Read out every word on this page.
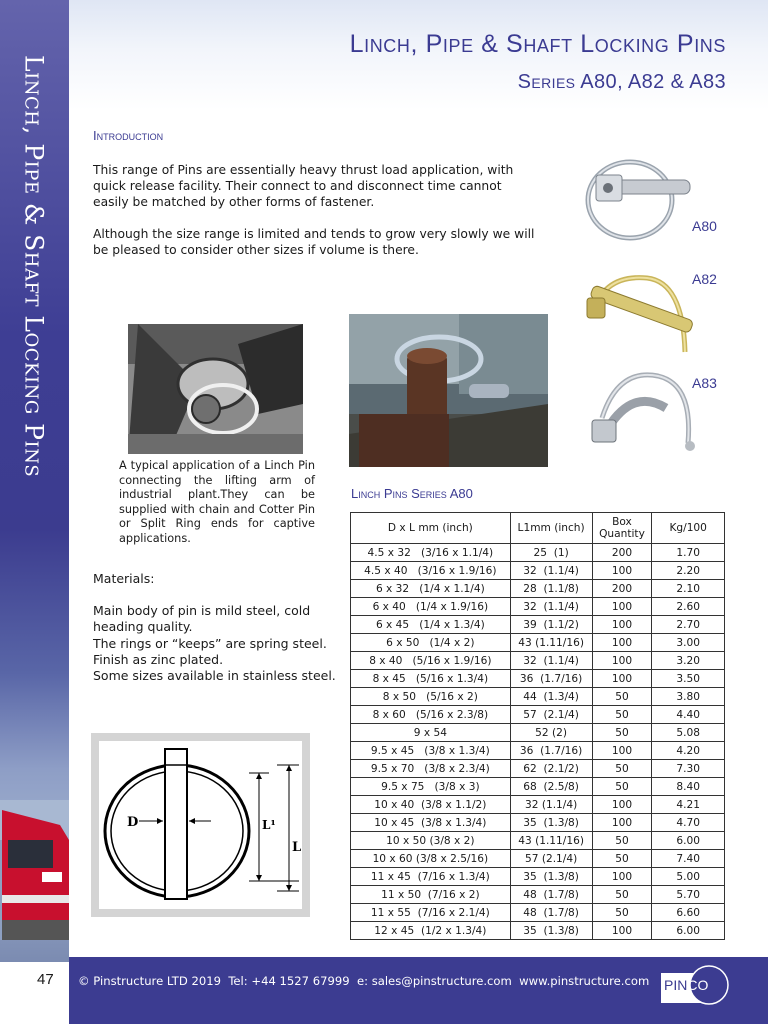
Linch, Pipe & Shaft Locking Pins
Linch, Pipe & Shaft Locking Pins
Series A80, A82 & A83
Introduction
This range of Pins are essentially heavy thrust load application, with quick release facility. Their connect to and disconnect time cannot easily be matched by other forms of fastener.
Although the size range is limited and tends to grow very slowly we will be pleased to consider other sizes if volume is there.
A80
A82
A83
A typical application of a Linch Pin connecting the lifting arm of industrial plant.They can be supplied with chain and Cotter Pin or Split Ring ends for captive applications.
Materials:
Main body of pin is mild steel, cold heading quality.
The rings or “keeps” are spring steel.
Finish as zinc plated.
Some sizes available in stainless steel.
D	L¹
L
Linch Pins Series A80
D x L mm (inch)	L1mm (inch)	Box Quantity	Kg/100
4.5 x 32   (3/16 x 1.1/4)	25  (1)	200	1.70
4.5 x 40   (3/16 x 1.9/16)	32  (1.1/4)	100	2.20
6 x 32   (1/4 x 1.1/4)	28  (1.1/8)	200	2.10
6 x 40   (1/4 x 1.9/16)	32  (1.1/4)	100	2.60
6 x 45   (1/4 x 1.3/4)	39  (1.1/2)	100	2.70
6 x 50   (1/4 x 2)	43 (1.11/16)	100	3.00
8 x 40   (5/16 x 1.9/16)	32  (1.1/4)	100	3.20
8 x 45   (5/16 x 1.3/4)	36  (1.7/16)	100	3.50
8 x 50   (5/16 x 2)	44  (1.3/4)	50	3.80
8 x 60   (5/16 x 2.3/8)	57  (2.1/4)	50	4.40
9 x 54	52 (2)	50	5.08
9.5 x 45   (3/8 x 1.3/4)	36  (1.7/16)	100	4.20
9.5 x 70   (3/8 x 2.3/4)	62  (2.1/2)	50	7.30
9.5 x 75   (3/8 x 3)	68  (2.5/8)	50	8.40
10 x 40  (3/8 x 1.1/2)	32 (1.1/4)	100	4.21
10 x 45  (3/8 x 1.3/4)	35  (1.3/8)	100	4.70
10 x 50 (3/8 x 2)	43 (1.11/16)	50	6.00
10 x 60 (3/8 x 2.5/16)	57 (2.1/4)	50	7.40
11 x 45  (7/16 x 1.3/4)	35  (1.3/8)	100	5.00
11 x 50  (7/16 x 2)	48  (1.7/8)	50	5.70
11 x 55  (7/16 x 2.1/4)	48  (1.7/8)	50	6.60
12 x 45  (1/2 x 1.3/4)	35  (1.3/8)	100	6.00
47 © Pinstructure LTD 2019  Tel: +44 1527 67999  e: sales@pinstructure.com  www.pinstructure.com PINCO
